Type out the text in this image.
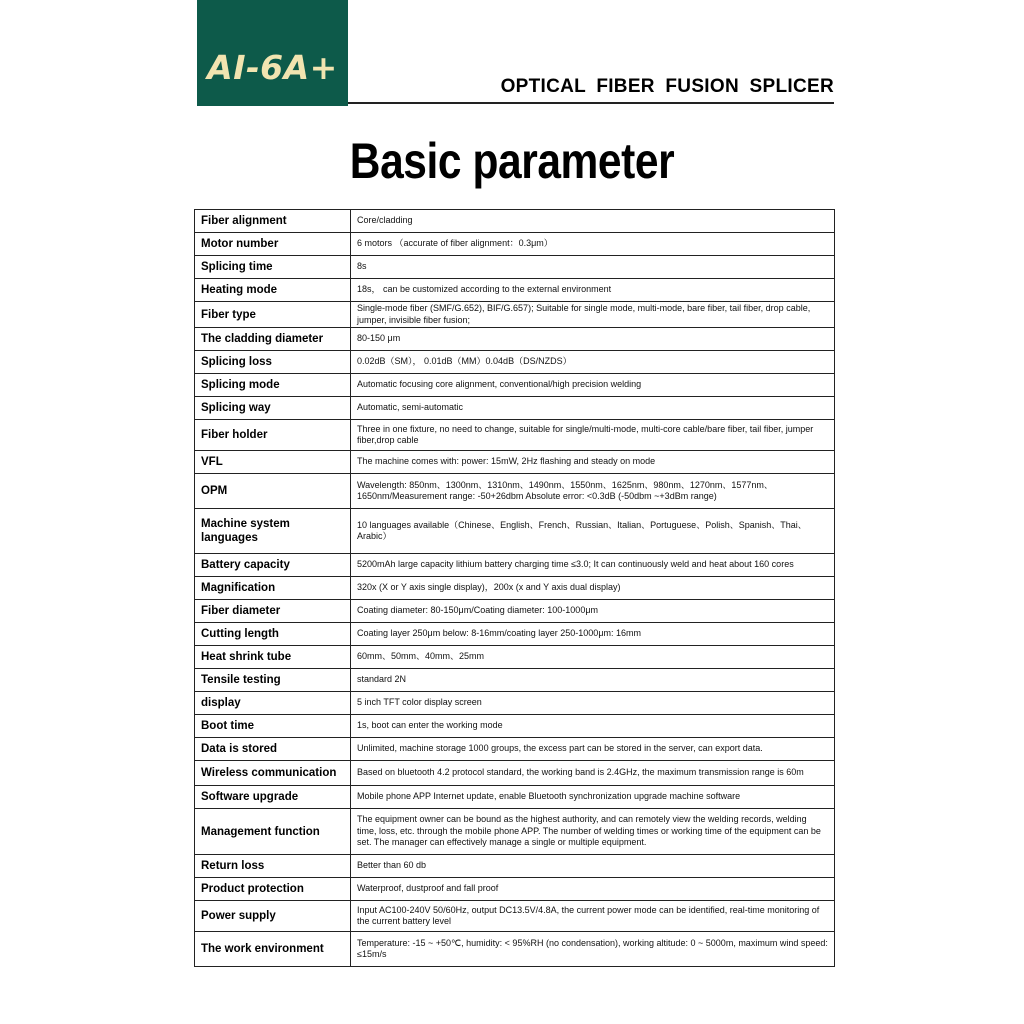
AI-6A+	OPTICAL FIBER FUSION SPLICER
Basic parameter
Fiber alignment	Core/cladding
Motor number	6 motors （accurate of fiber alignment：0.3μm）
Splicing time	8s
Heating mode	18s， can be customized according to the external environment
Fiber type	Single-mode fiber (SMF/G.652), BIF/G.657); Suitable for single mode, multi-mode, bare fiber, tail fiber, drop cable, jumper, invisible fiber fusion;
The cladding diameter	80-150 μm
Splicing loss	0.02dB（SM）， 0.01dB（MM）0.04dB（DS/NZDS）
Splicing mode	Automatic focusing core alignment, conventional/high precision welding
Splicing way	Automatic, semi-automatic
Fiber holder	Three in one fixture, no need to change, suitable for single/multi-mode, multi-core cable/bare fiber, tail fiber, jumper fiber,drop cable
VFL	The machine comes with: power: 15mW, 2Hz flashing and steady on mode
OPM	Wavelength: 850nm、1300nm、1310nm、1490nm、1550nm、1625nm、980nm、1270nm、1577nm、1650nm/Measurement range: -50+26dbm Absolute error: <0.3dB (-50dbm ~+3dBm range)
Machine system languages	10 languages available（Chinese、English、French、Russian、Italian、Portuguese、Polish、Spanish、Thai、Arabic）
Battery capacity	5200mAh large capacity lithium battery charging time ≤3.0; It can continuously weld and heat about 160 cores
Magnification	320x (X or Y axis single display)，200x (x and Y axis dual display)
Fiber diameter	Coating diameter: 80-150μm/Coating diameter: 100-1000μm
Cutting length	Coating layer 250μm below: 8-16mm/coating layer 250-1000μm: 16mm
Heat shrink tube	60mm、50mm、40mm、25mm
Tensile testing	standard 2N
display	5 inch TFT color display screen
Boot time	1s, boot can enter the working mode
Data is stored	Unlimited, machine storage 1000 groups, the excess part can be stored in the server, can export data.
Wireless communication	Based on bluetooth 4.2 protocol standard, the working band is 2.4GHz, the maximum transmission range is 60m
Software upgrade	Mobile phone APP Internet update, enable Bluetooth synchronization upgrade machine software
Management function	The equipment owner can be bound as the highest authority, and can remotely view the welding records, welding time, loss, etc. through the mobile phone APP. The number of welding times or working time of the equipment can be set. The manager can effectively manage a single or multiple equipment.
Return loss	Better than 60 db
Product protection	Waterproof, dustproof and fall proof
Power supply	Input AC100-240V 50/60Hz, output DC13.5V/4.8A, the current power mode can be identified, real-time monitoring of the current battery level
The work environment	Temperature: -15 ~ +50℃, humidity: < 95%RH (no condensation), working altitude: 0 ~ 5000m, maximum wind speed: ≤15m/s
